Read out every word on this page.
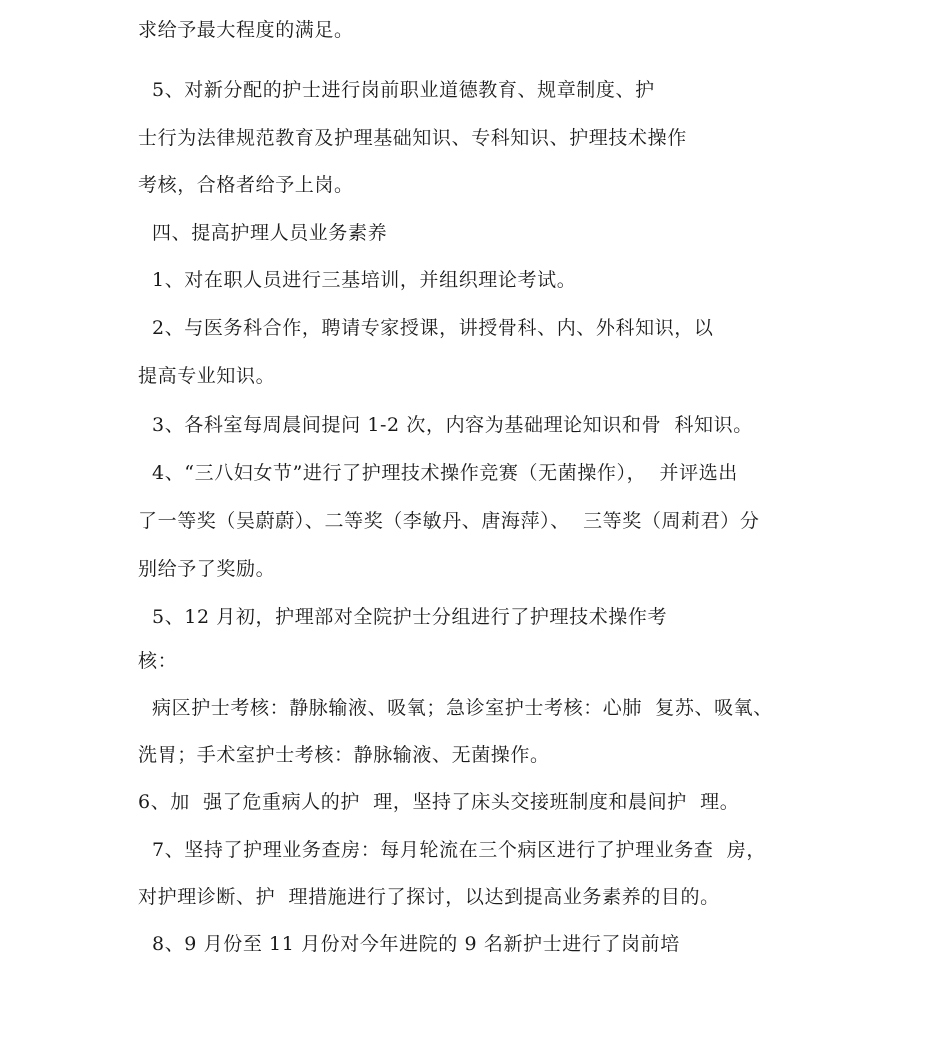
求给予最大程度的满足。
5、对新分配的护士进行岗前职业道德教育、规章制度、护
士行为法律规范教育及护理基础知识、专科知识、护理技术操作
考核，合格者给予上岗。
四、提高护理人员业务素养
1、对在职人员进行三基培训，并组织理论考试。
2、与医务科合作，聘请专家授课，讲授骨科、内、外科知识，以
提高专业知识。
3、各科室每周晨间提问 1-2 次，内容为基础理论知识和骨  科知识。
4、“三八妇女节”进行了护理技术操作竞赛（无菌操作），  并评选出
了一等奖（吴蔚蔚）、二等奖（李敏丹、唐海萍）、  三等奖（周莉君）分
别给予了奖励。
5、12 月初，护理部对全院护士分组进行了护理技术操作考
核：
病区护士考核：静脉输液、吸氧；急诊室护士考核：心肺  复苏、吸氧、
洗胃；手术室护士考核：静脉输液、无菌操作。
6、加  强了危重病人的护  理，坚持了床头交接班制度和晨间护  理。
7、坚持了护理业务查房：每月轮流在三个病区进行了护理业务查  房，
对护理诊断、护  理措施进行了探讨，以达到提高业务素养的目的。
8、9 月份至 11 月份对今年进院的 9 名新护士进行了岗前培
